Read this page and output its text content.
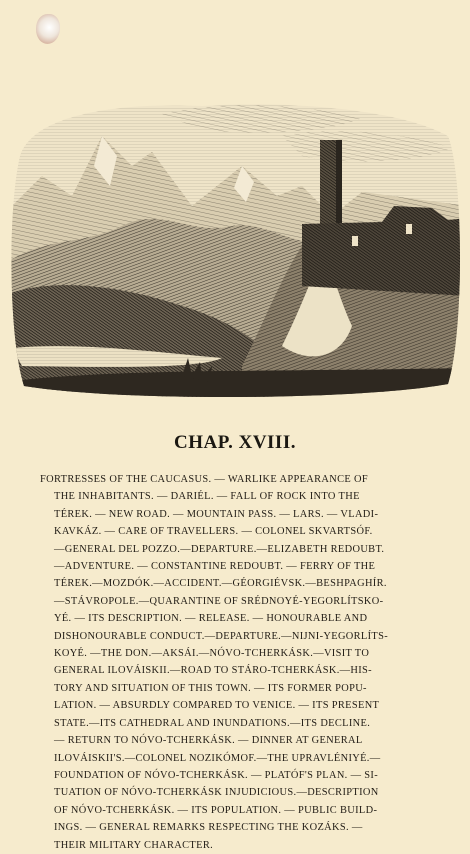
CHAP. XVIII.
FORTRESSES OF THE CAUCASUS. — WARLIKE APPEARANCE OF
THE INHABITANTS. — DARIÉL. — FALL OF ROCK INTO THE
TÉREK. — NEW ROAD. — MOUNTAIN PASS. — LARS. — VLADI-
KAVKÁZ. — CARE OF TRAVELLERS. — COLONEL SKVARTSÓF.
—GENERAL DEL POZZO.—DEPARTURE.—ELIZABETH REDOUBT.
—ADVENTURE. — CONSTANTINE REDOUBT. — FERRY OF THE
TÉREK.—MOZDÓK.—ACCIDENT.—GÉORGIÉVSK.—BESHPAGHÍR.
—STÁVROPOLE.—QUARANTINE OF SRÉDNOYÉ-YEGORLÍTSKO-
YÉ. — ITS DESCRIPTION. — RELEASE. — HONOURABLE AND
DISHONOURABLE CONDUCT.—DEPARTURE.—NIJNI-YEGORLÍTS-
KOYÉ. —THE DON.—AKSÁI.—NÓVO-TCHERKÁSK.—VISIT TO
GENERAL ILOVÁISKII.—ROAD TO STÁRO-TCHERKÁSK.—HIS-
TORY AND SITUATION OF THIS TOWN. — ITS FORMER POPU-
LATION. — ABSURDLY COMPARED TO VENICE. — ITS PRESENT
STATE.—ITS CATHEDRAL AND INUNDATIONS.—ITS DECLINE.
— RETURN TO NÓVO-TCHERKÁSK. — DINNER AT GENERAL
ILOVÁISKII'S.—COLONEL NOZIKÓMOF.—THE UPRAVLÉNIYÉ.—
FOUNDATION OF NÓVO-TCHERKÁSK. — PLATÓF'S PLAN. — SI-
TUATION OF NÓVO-TCHERKÁSK INJUDICIOUS.—DESCRIPTION
OF NÓVO-TCHERKÁSK. — ITS POPULATION. — PUBLIC BUILD-
INGS. — GENERAL REMARKS RESPECTING THE KOZÁKS. —
THEIR MILITARY CHARACTER.
